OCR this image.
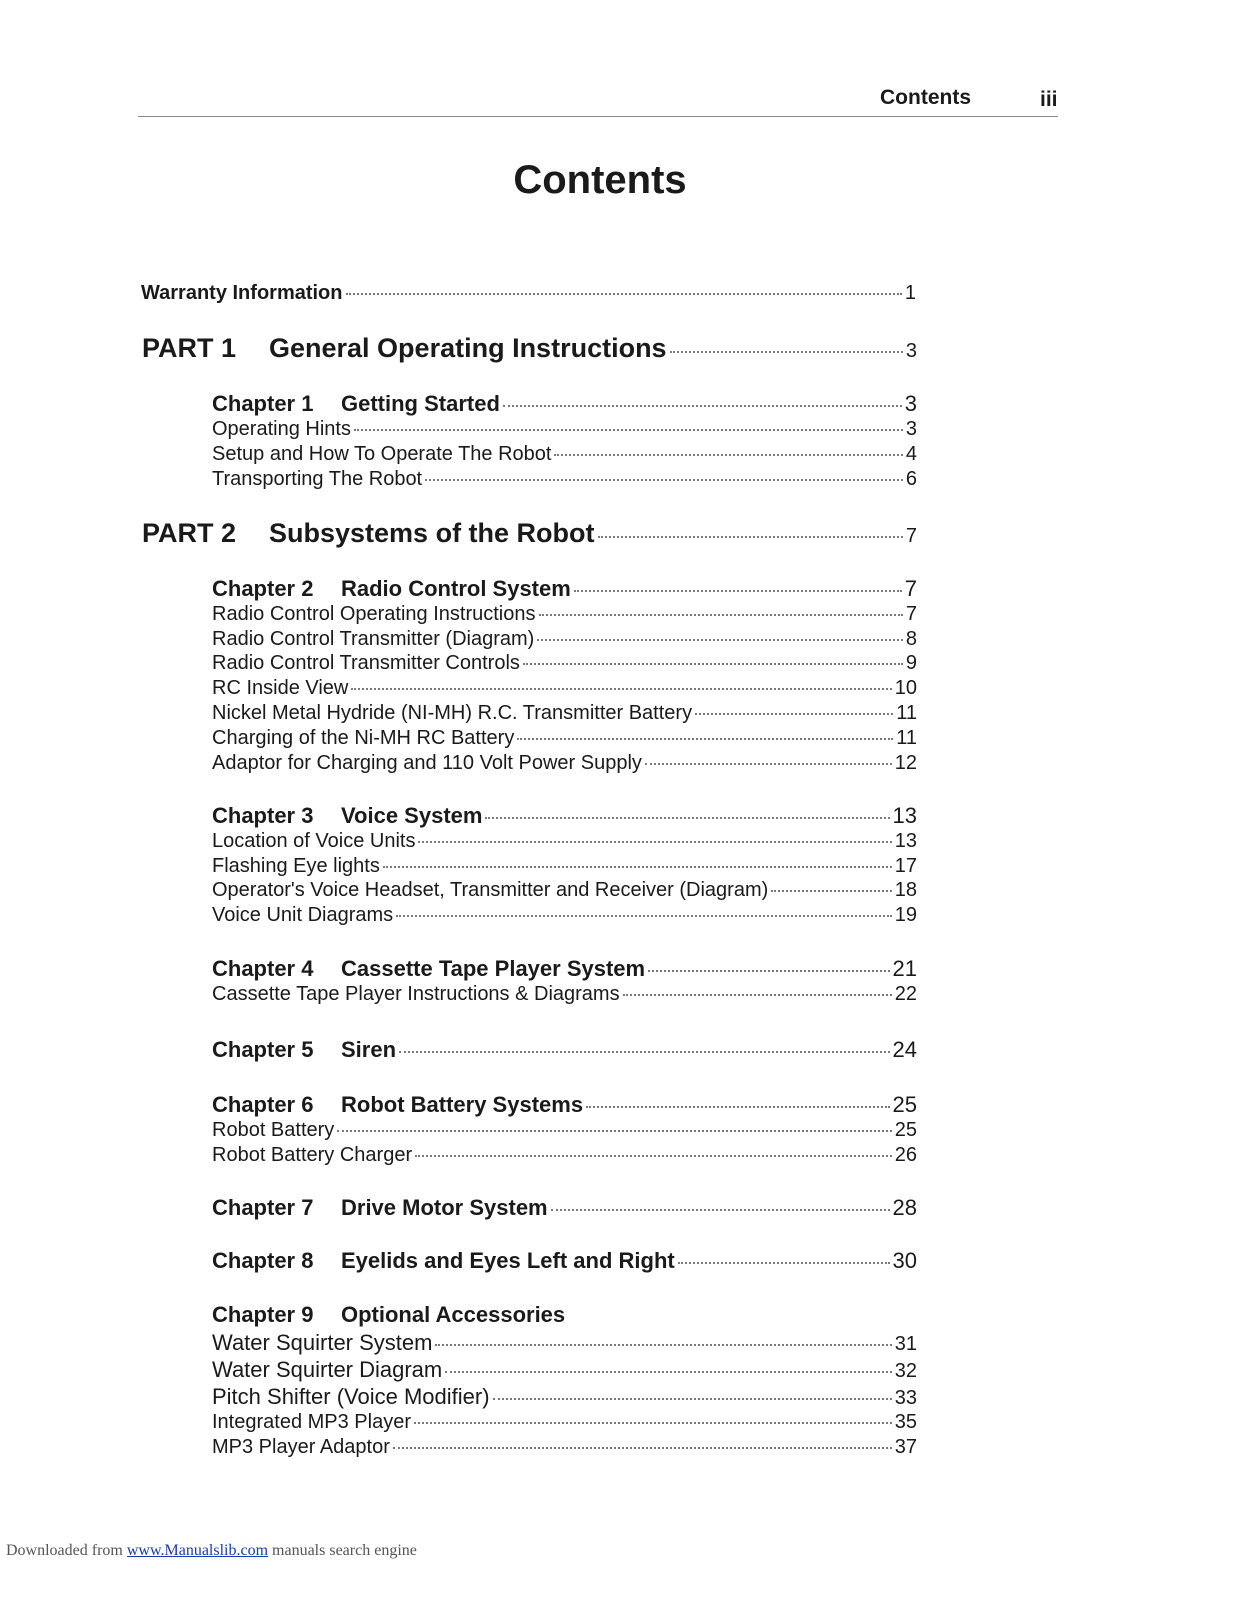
Contents	iii
Contents
Warranty Information	1
PART 1 General Operating Instructions	3
Chapter 1 Getting Started	3
Operating Hints	3
Setup and How To Operate The Robot	4
Transporting The Robot	6
PART 2 Subsystems of the Robot	7
Chapter 2 Radio Control System	7
Radio Control Operating Instructions	7
Radio Control Transmitter (Diagram)	8
Radio Control Transmitter Controls	9
RC Inside View	10
Nickel Metal Hydride (NI-MH) R.C. Transmitter Battery	11
Charging of the Ni-MH RC Battery	11
Adaptor for Charging and 110 Volt Power Supply	12
Chapter 3 Voice System	13
Location of Voice Units	13
Flashing Eye lights	17
Operator's Voice Headset, Transmitter and Receiver (Diagram)	18
Voice Unit Diagrams	19
Chapter 4 Cassette Tape Player System	21
Cassette Tape Player Instructions & Diagrams	22
Chapter 5 Siren	24
Chapter 6 Robot Battery Systems	25
Robot Battery	25
Robot Battery Charger	26
Chapter 7 Drive Motor System	28
Chapter 8 Eyelids and Eyes Left and Right	30
Chapter 9 Optional Accessories
Water Squirter System	31
Water Squirter Diagram	32
Pitch Shifter (Voice Modifier)	33
Integrated MP3 Player	35
MP3 Player Adaptor	37
Downloaded from www.Manualslib.com manuals search engine
